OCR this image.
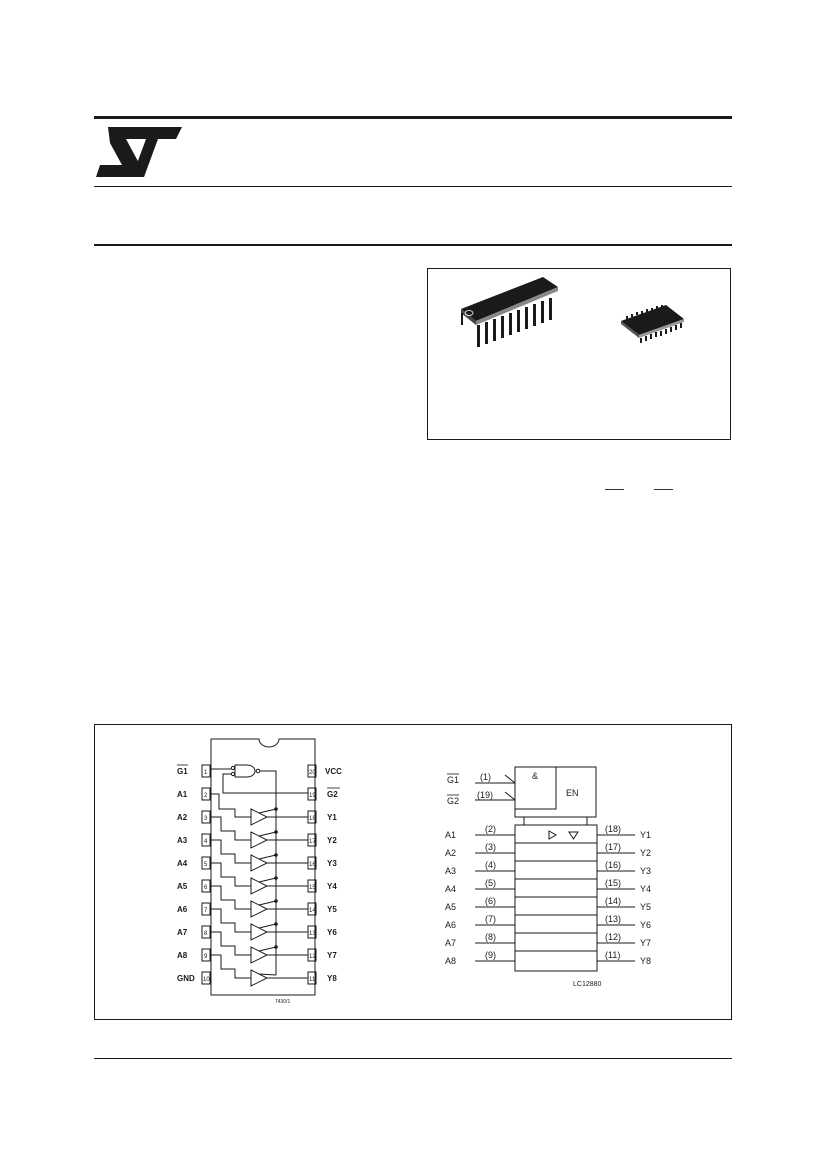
1
2
3
4
5
6
7
8
9
10
20
19
18
17
16
15
14
13
12
11
G1
A1
A2
A3
A4
A5
A6
A7
A8
GND
VCC
G2
Y1
Y2
Y3
Y4
Y5
Y6
Y7
Y8
7430/1
G1 (1)
G2
(19)
&
EN
A1
(2)
A2
(3)
A3
(4)
A4
(5)
A5
(6)
A6
(7)
A7
(8)
A8
(9)
(18)
Y1
(17)
Y2
(16)
Y3
(15)
Y4
(14)
Y5
(13)
Y6
(12)
Y7
(11)
Y8
LC12880
